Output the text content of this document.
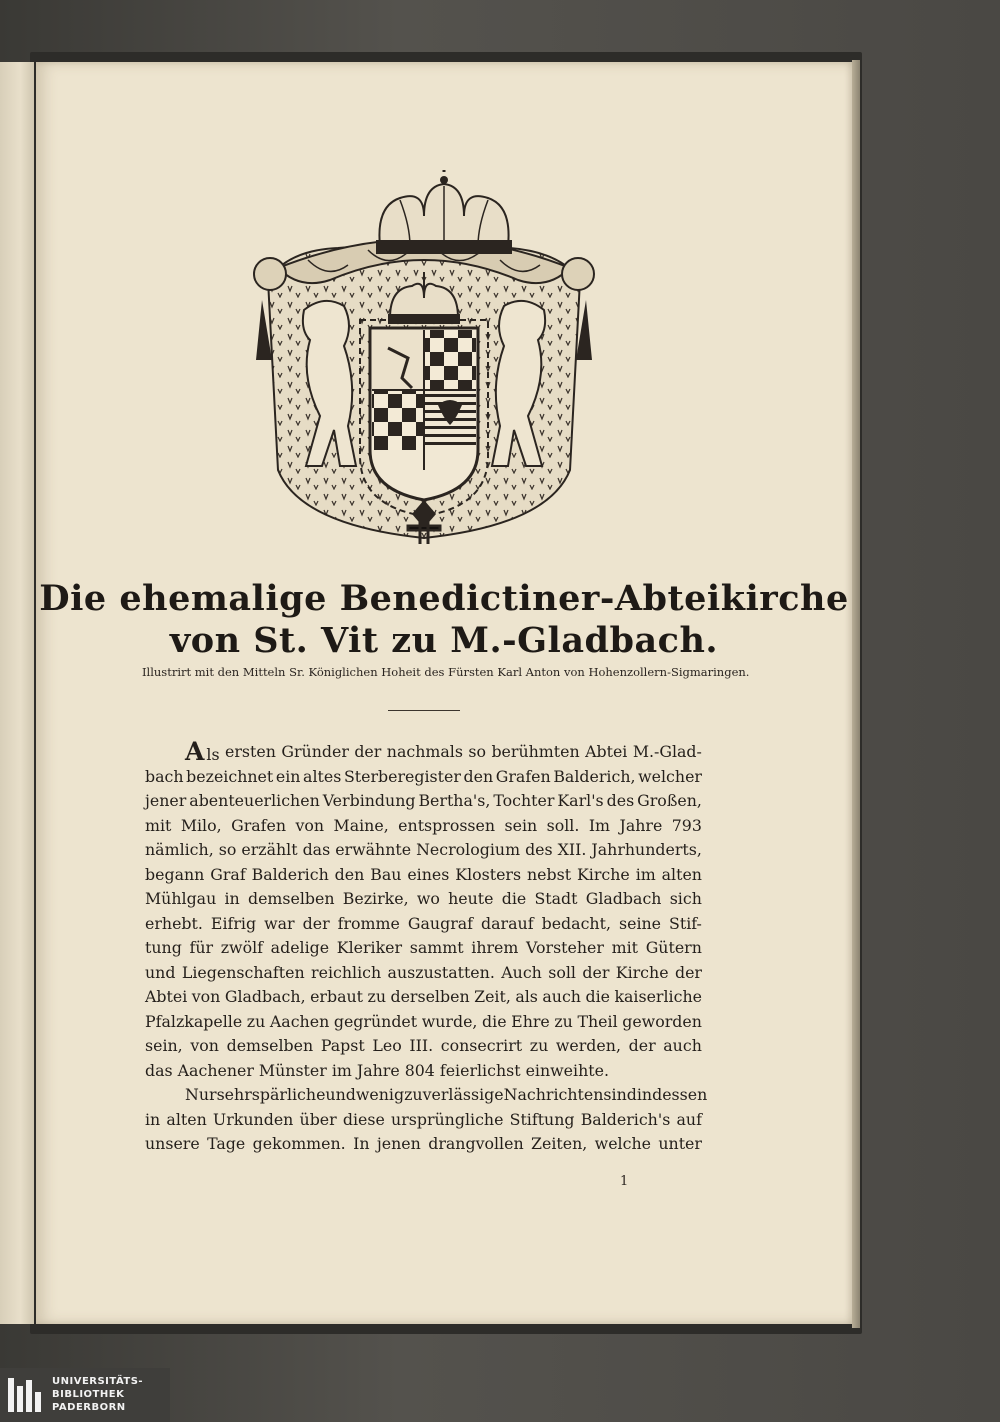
Die ehemalige Benedictiner-Abteikirche
von St. Vit zu M.-Gladbach.
Illustrirt mit den Mitteln Sr. Königlichen Hoheit des Fürsten Karl Anton von Hohenzollern-Sigmaringen.
Als ersten Gründer der nachmals so berühmten Abtei M.-Glad-
bach bezeichnet ein altes Sterberegister den Grafen Balderich, welcher
jener abenteuerlichen Verbindung Bertha's, Tochter Karl's des Großen,
mit Milo, Grafen von Maine, entsprossen sein soll. Im Jahre 793
nämlich, so erzählt das erwähnte Necrologium des XII. Jahrhunderts,
begann Graf Balderich den Bau eines Klosters nebst Kirche im alten
Mühlgau in demselben Bezirke, wo heute die Stadt Gladbach sich
erhebt. Eifrig war der fromme Gaugraf darauf bedacht, seine Stif-
tung für zwölf adelige Kleriker sammt ihrem Vorsteher mit Gütern
und Liegenschaften reichlich auszustatten. Auch soll der Kirche der
Abtei von Gladbach, erbaut zu derselben Zeit, als auch die kaiserliche
Pfalzkapelle zu Aachen gegründet wurde, die Ehre zu Theil geworden
sein, von demselben Papst Leo III. consecrirt zu werden, der auch
das Aachener Münster im Jahre 804 feierlichst einweihte.
Nur sehr spärliche und wenig zuverlässige Nachrichten sind indessen
in alten Urkunden über diese ursprüngliche Stiftung Balderich's auf
unsere Tage gekommen. In jenen drangvollen Zeiten, welche unter
1
UNIVERSITÄTS-
BIBLIOTHEK
PADERBORN
